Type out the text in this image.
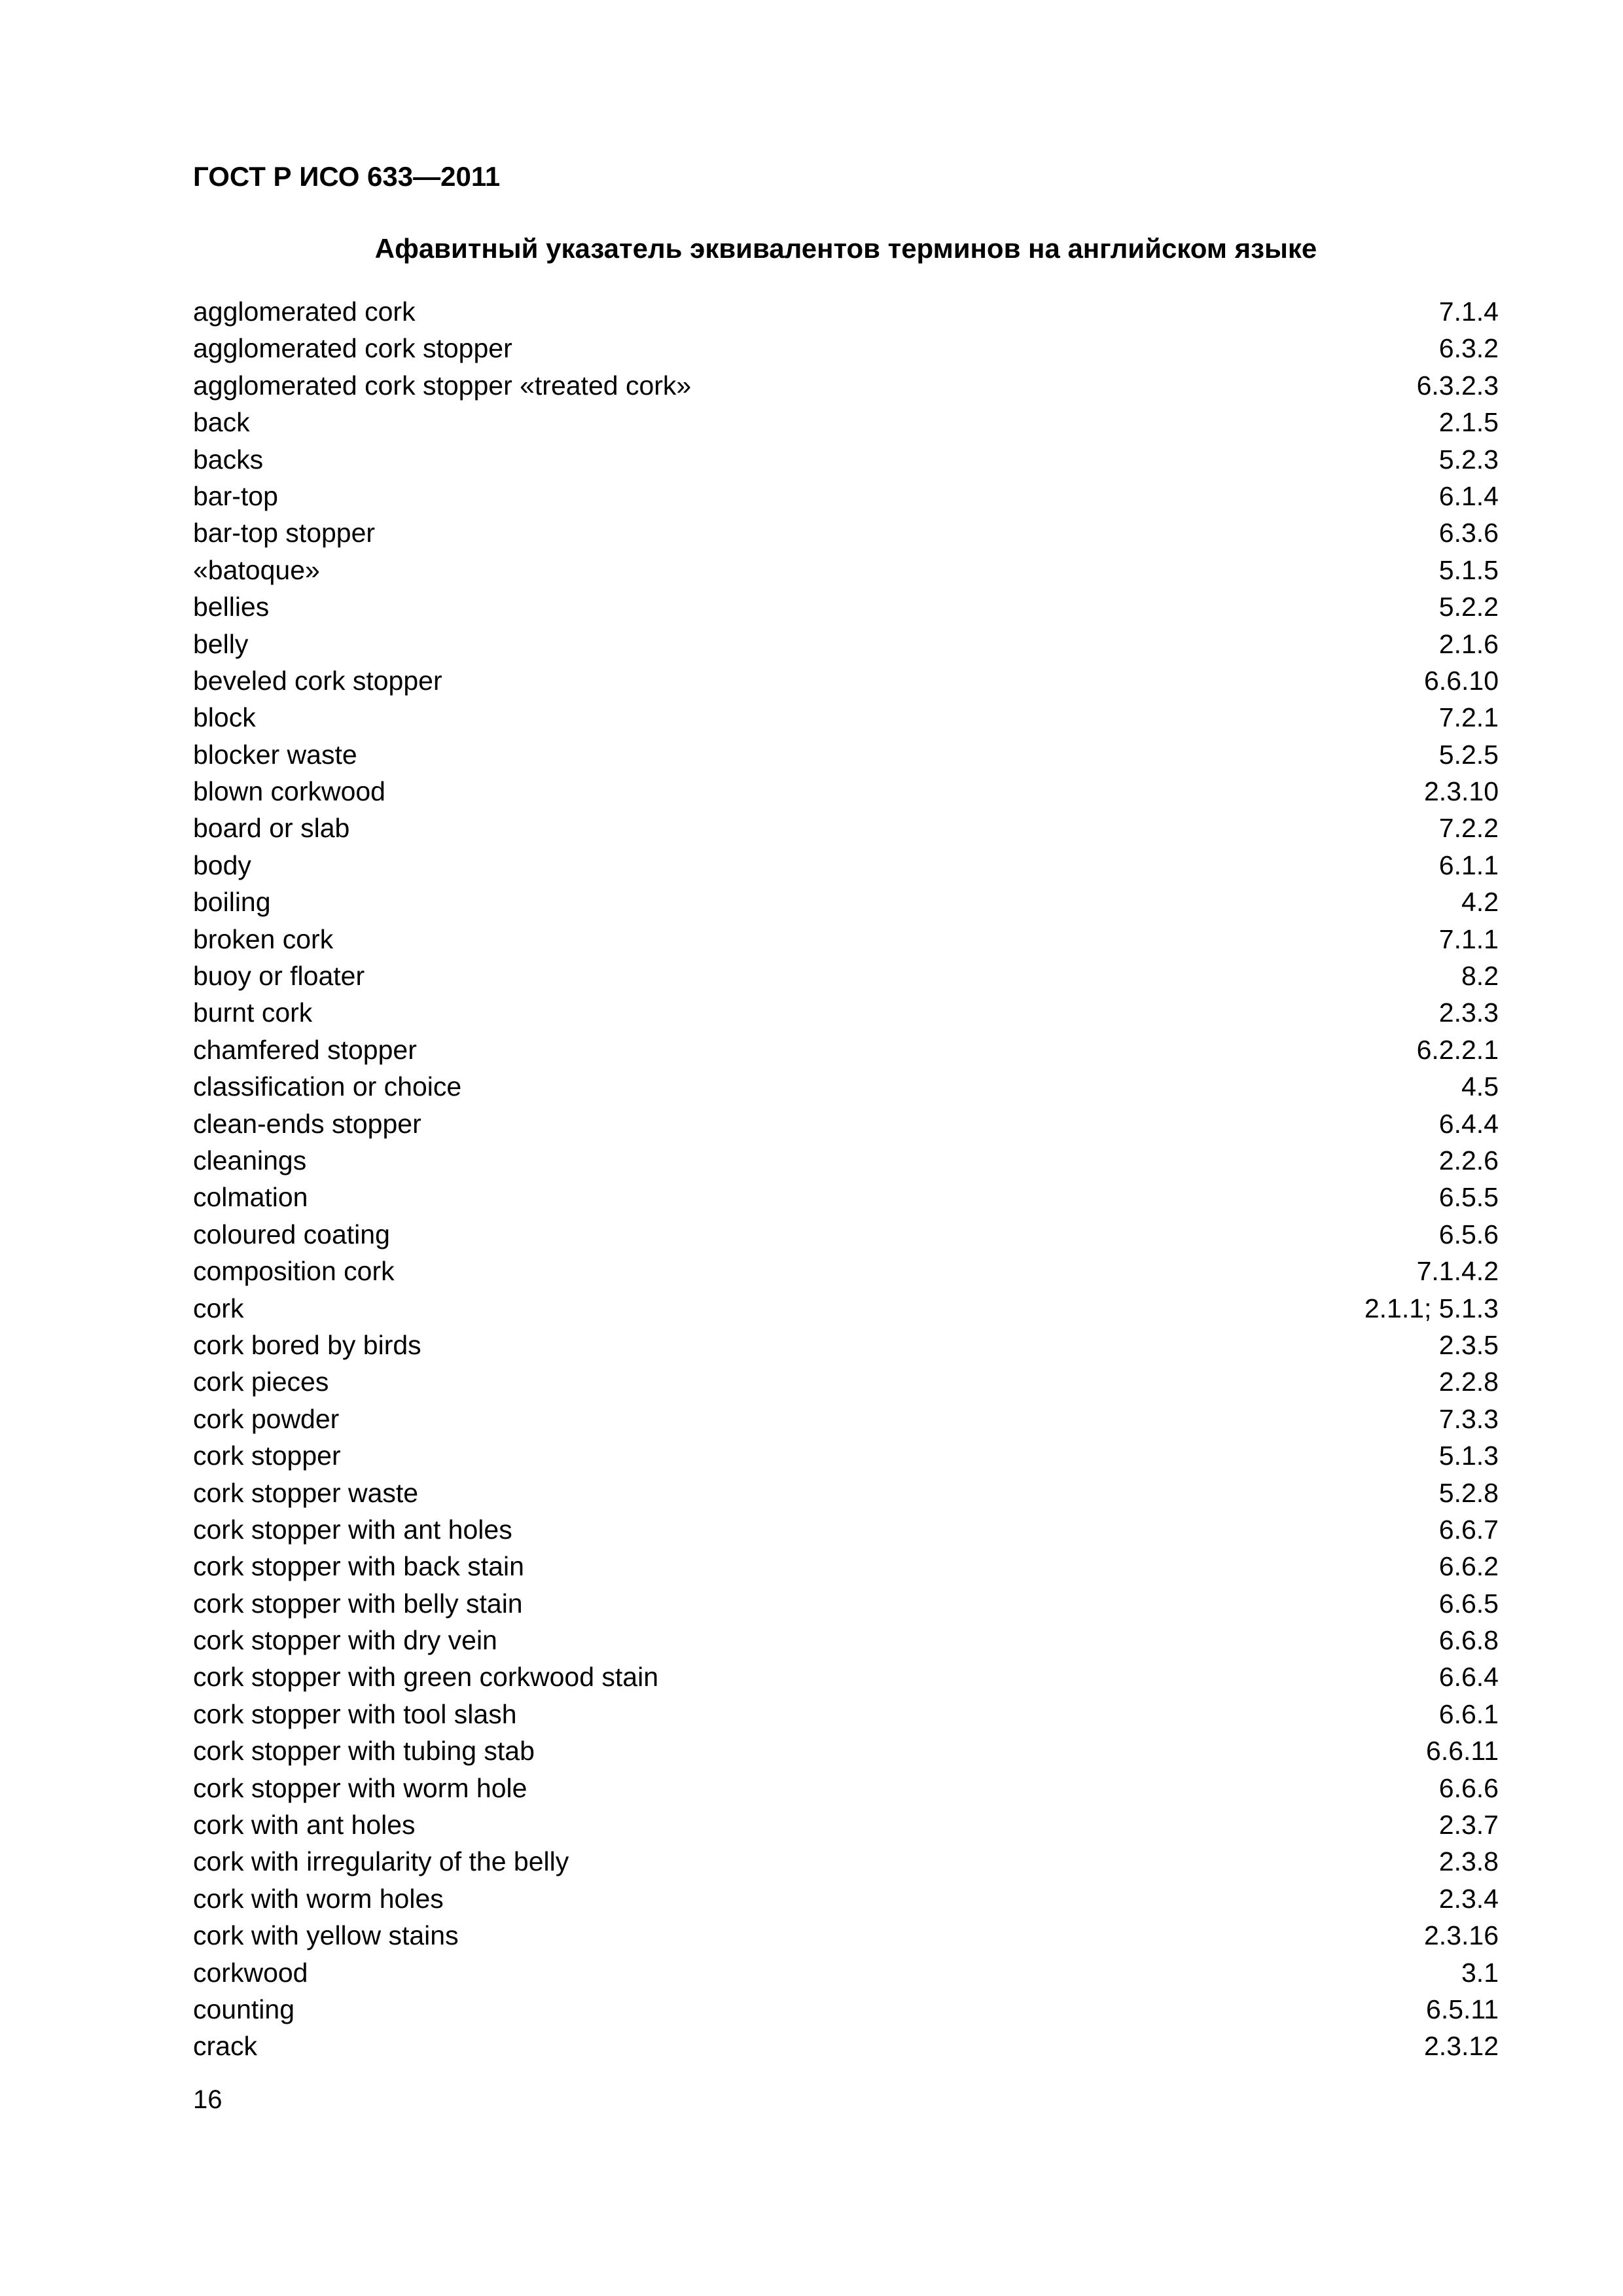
ГОСТ Р ИСО 633—2011
Афавитный указатель эквивалентов терминов на английском языке
agglomerated cork	7.1.4
agglomerated cork stopper	6.3.2
agglomerated cork stopper «treated cork»	6.3.2.3
back	2.1.5
backs	5.2.3
bar-top	6.1.4
bar-top stopper	6.3.6
«batoque»	5.1.5
bellies	5.2.2
belly	2.1.6
beveled cork stopper	6.6.10
block	7.2.1
blocker waste	5.2.5
blown corkwood	2.3.10
board or slab	7.2.2
body	6.1.1
boiling	4.2
broken cork	7.1.1
buoy or floater	8.2
burnt cork	2.3.3
chamfered stopper	6.2.2.1
classification or choice	4.5
clean-ends stopper	6.4.4
cleanings	2.2.6
colmation	6.5.5
coloured coating	6.5.6
composition cork	7.1.4.2
cork	2.1.1; 5.1.3
cork bored by birds	2.3.5
cork pieces	2.2.8
cork powder	7.3.3
cork stopper	5.1.3
cork stopper waste	5.2.8
cork stopper with ant holes	6.6.7
cork stopper with back stain	6.6.2
cork stopper with belly stain	6.6.5
cork stopper with dry vein	6.6.8
cork stopper with green corkwood stain	6.6.4
cork stopper with tool slash	6.6.1
cork stopper with tubing stab	6.6.11
cork stopper with worm hole	6.6.6
cork with ant holes	2.3.7
cork with irregularity of the belly	2.3.8
cork with worm holes	2.3.4
cork with yellow stains	2.3.16
corkwood	3.1
counting	6.5.11
crack	2.3.12
16
